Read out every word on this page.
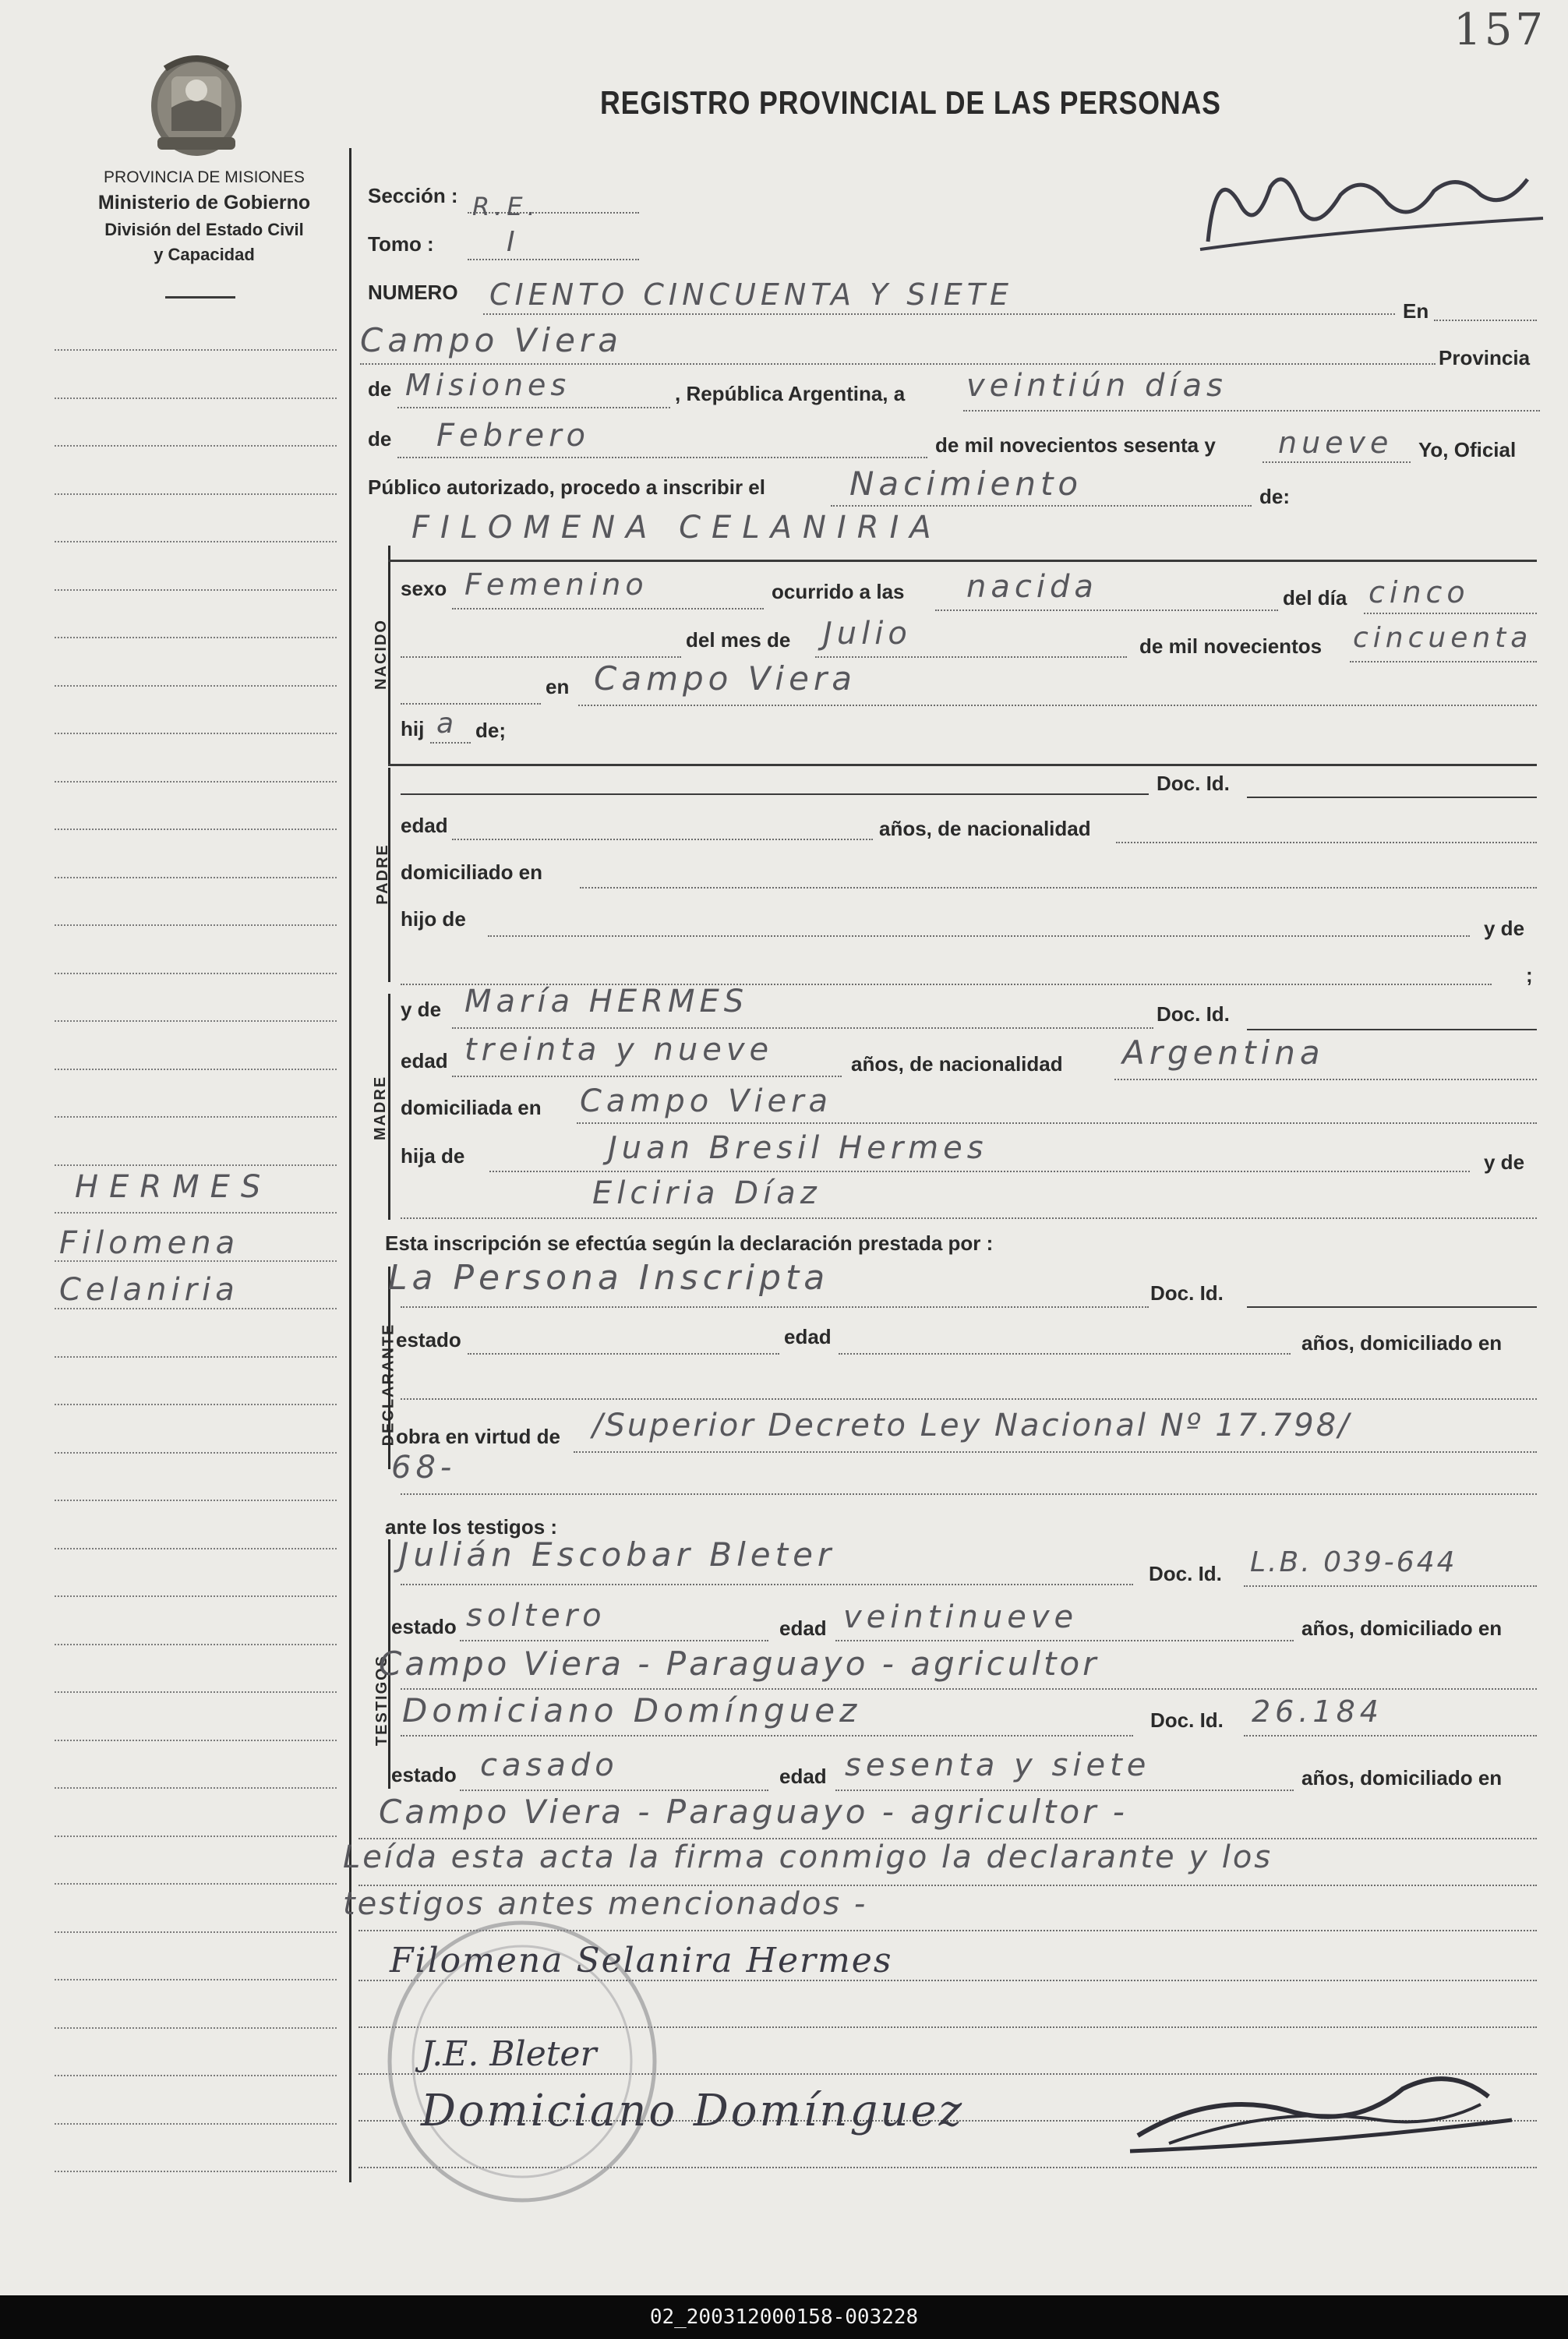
157
PROVINCIA DE MISIONES
Ministerio de Gobierno
División del Estado Civil
y Capacidad
REGISTRO PROVINCIAL DE LAS PERSONAS
NACIDO
PADRE
MADRE
DECLARANTE
TESTIGOS
HERMES
Filomena
Celaniria
Sección : R.E.
Tomo :	I
NUMERO CIENTO CINCUENTA Y SIETE	En
Campo Viera	Provincia
de Misiones	, República Argentina, a veintiún días
de Febrero	de mil novecientos sesenta y nueve Yo, Oficial
Público autorizado, procedo a inscribir el	Nacimiento	de:
FILOMENA CELANIRIA
sexo Femenino	ocurrido a las nacida	del día cinco
del mes de Julio	de mil novecientos cincuenta
en Campo Viera
hij a de;
Doc. Id.
edad	años, de nacionalidad
domiciliado en
hijo de	y de
;
y de María HERMES	Doc. Id.
edad treinta y nueve	años, de nacionalidad Argentina
domiciliada en Campo Viera
hija de	Juan Bresil Hermes	y de
Elciria Díaz
Esta inscripción se efectúa según la declaración prestada por :
La Persona Inscripta	Doc. Id.
estado	edad	años, domiciliado en
obra en virtud de /Superior Decreto Ley Nacional Nº 17.798/
68-
ante los testigos :
Julián Escobar Bleter	Doc. Id. L.B. 039-644
estado soltero	edad veintinueve	años, domiciliado en
Campo Viera - Paraguayo - agricultor
Domiciano Domínguez	Doc. Id. 26.184
estado casado	edad sesenta y siete	años, domiciliado en
Campo Viera - Paraguayo - agricultor -
Leída esta acta la firma conmigo la declarante y los
testigos antes mencionados -
Filomena Selanira Hermes
J.E. Bleter
Domiciano Domínguez
02_200312000158-003228
